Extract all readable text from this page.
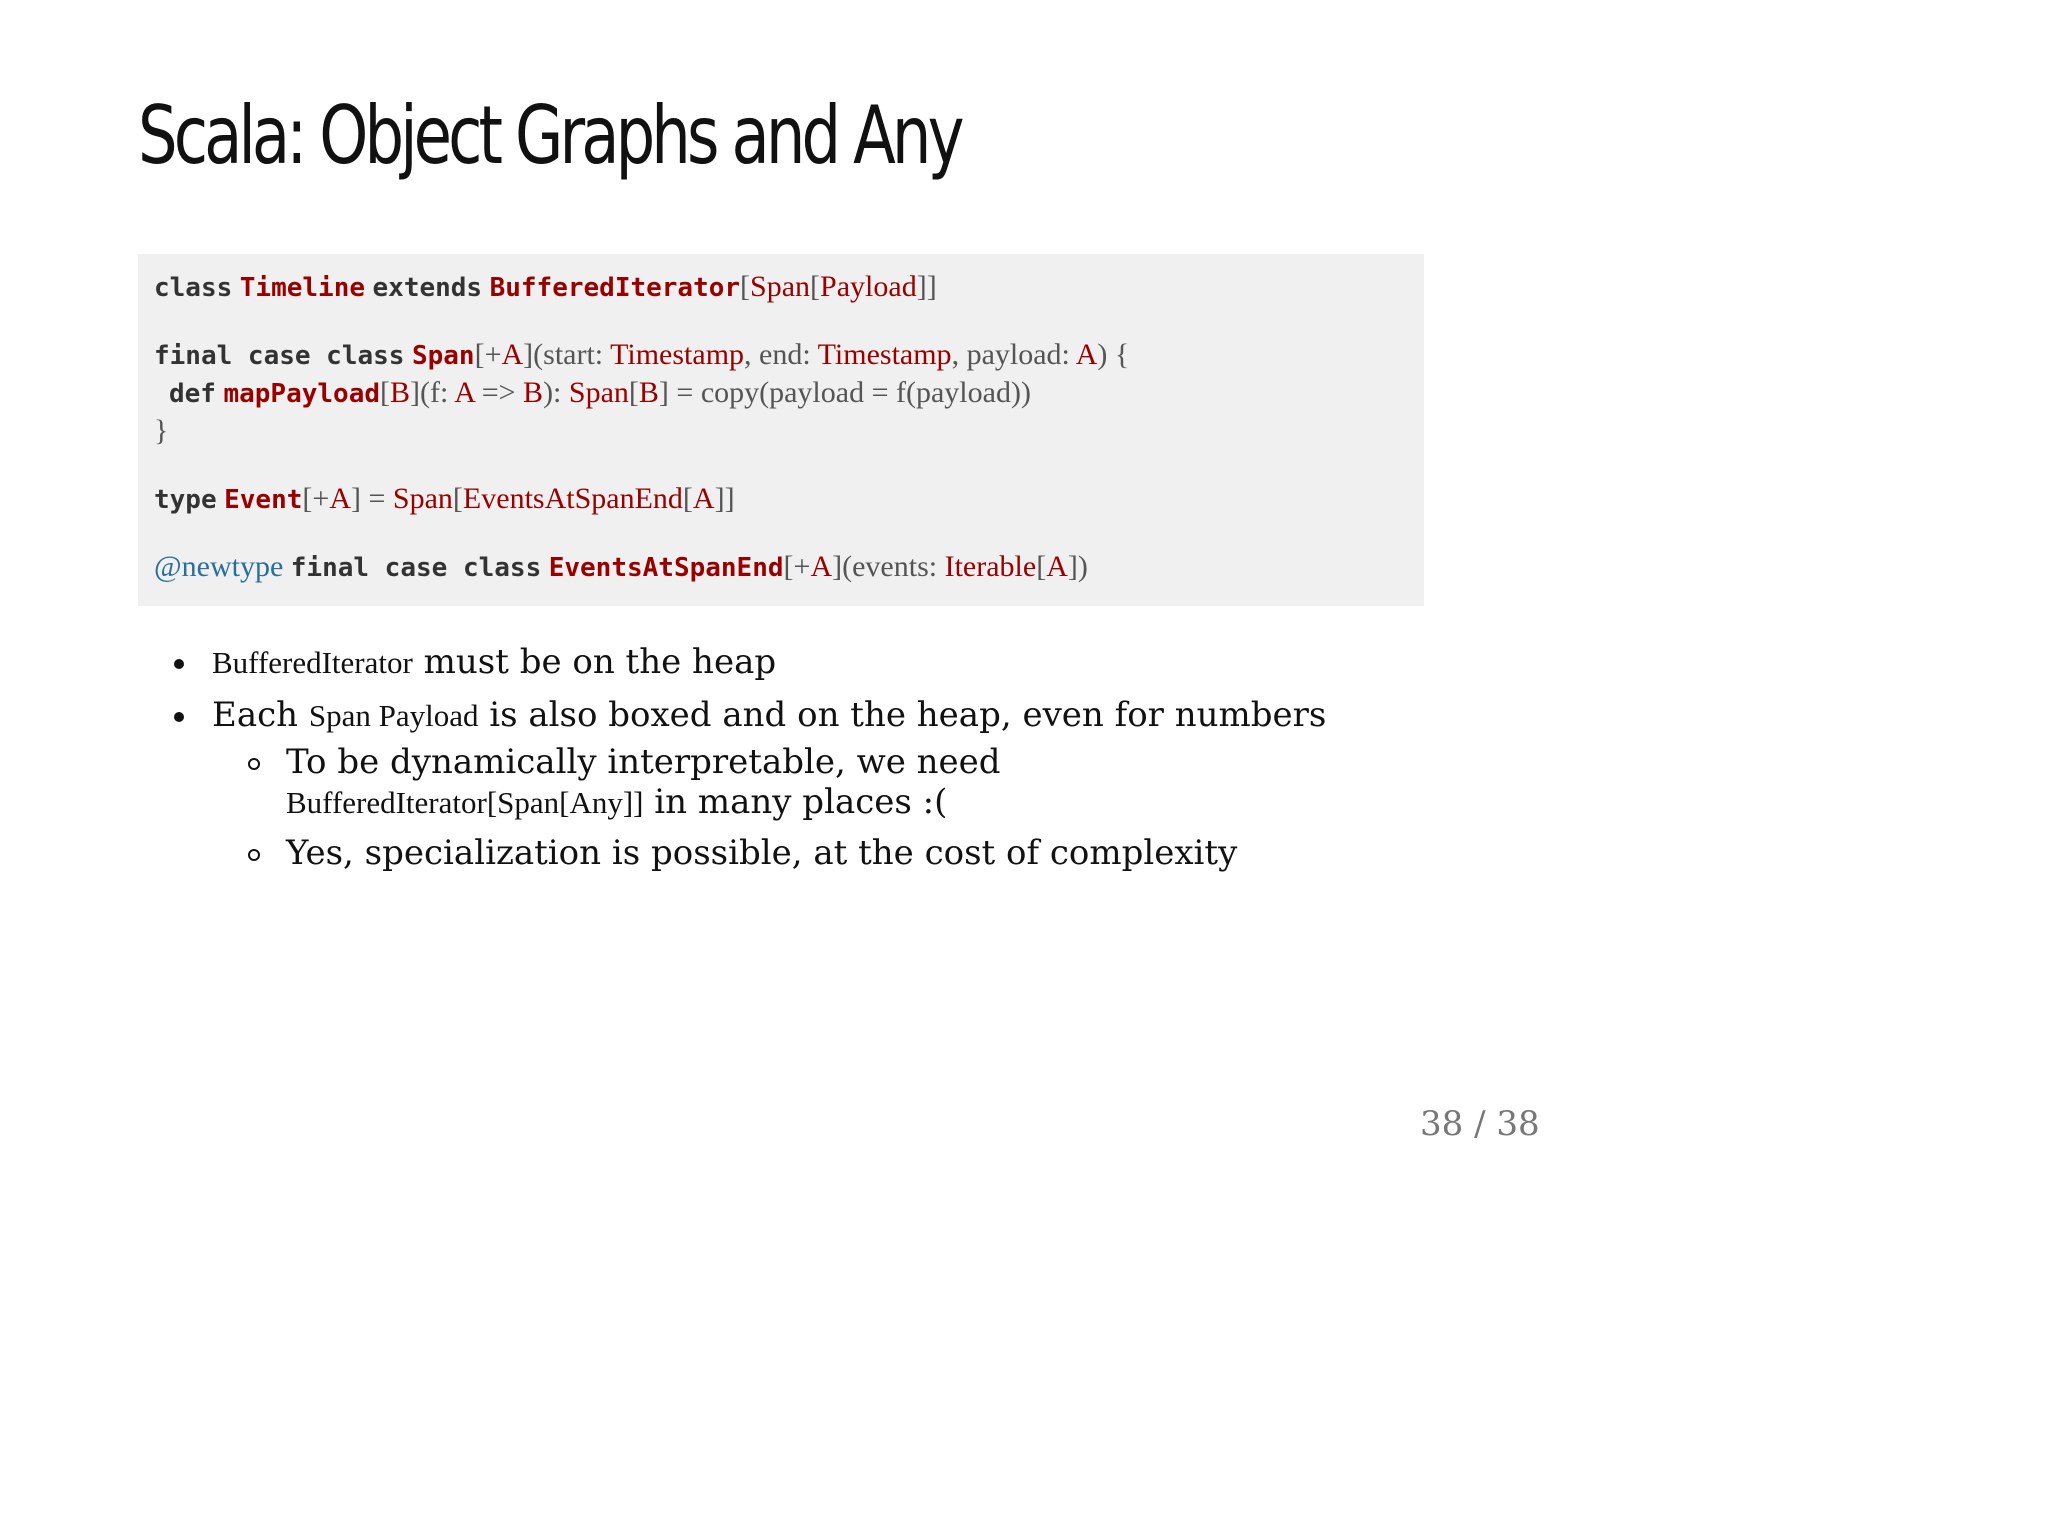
Scala: Object Graphs and Any
class Timeline extends BufferedIterator[Span[Payload]]
final case class Span[+A](start: Timestamp, end: Timestamp, payload: A) {
def mapPayload[B](f: A => B): Span[B] = copy(payload = f(payload))
}
type Event[+A] = Span[EventsAtSpanEnd[A]]
@newtype final case class EventsAtSpanEnd[+A](events: Iterable[A])
BufferedIterator must be on the heap
Each Span Payload is also boxed and on the heap, even for numbers
To be dynamically interpretable, we need BufferedIterator[Span[Any]] in many places :(
Yes, specialization is possible, at the cost of complexity
38 / 38
